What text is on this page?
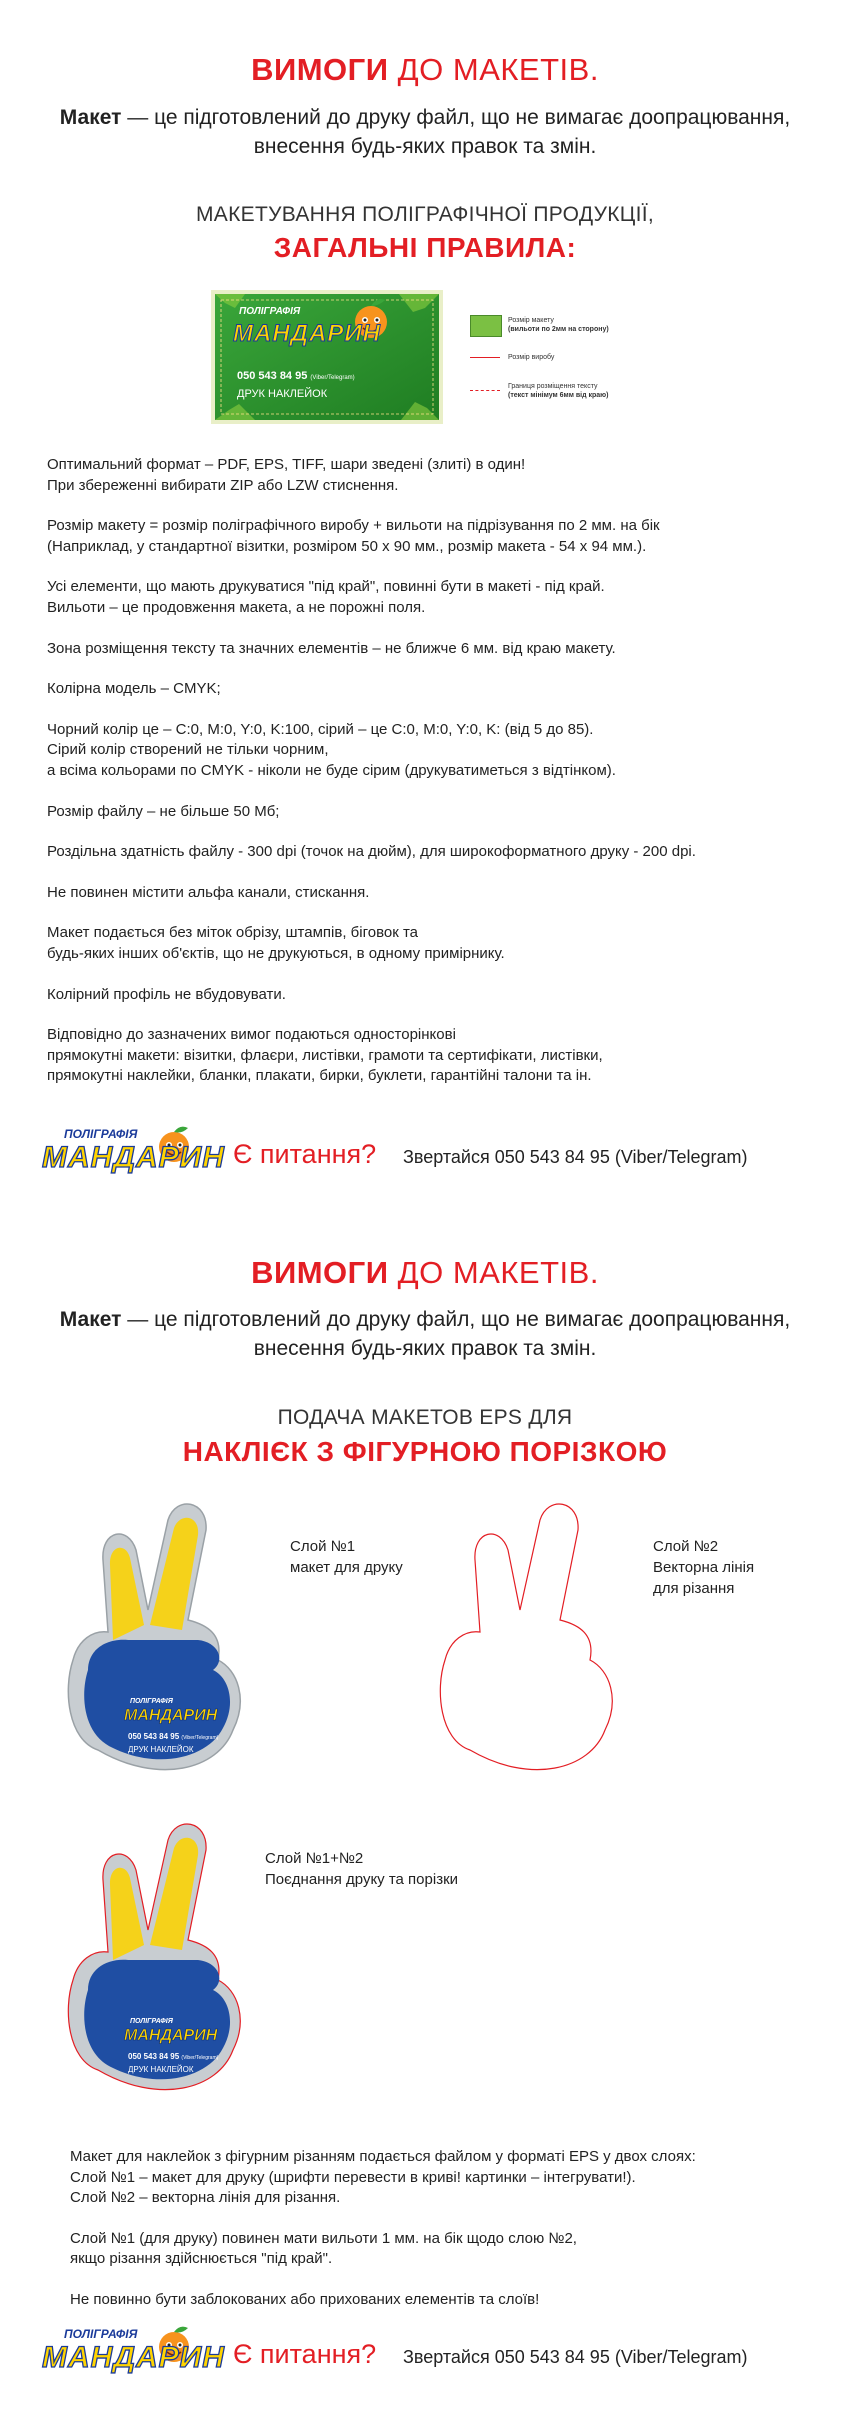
ВИМОГИ ДО МАКЕТІВ.
Макет — це підготовлений до друку файл, що не вимагає доопрацювання,
внесення будь-яких правок та змін.
МАКЕТУВАННЯ ПОЛІГРАФІЧНОЇ ПРОДУКЦІЇ,
ЗАГАЛЬНІ ПРАВИЛА:
ПОЛІГРАФІЯ
МАНДАРИН
050 543 84 95 (Viber/Telegram)
ДРУК НАКЛЕЙОК
Розмір макету
(вильоти по 2мм на сторону)
Розмір виробу
Границя розміщення тексту
(текст мінімум 6мм від краю)

Оптимальний формат – PDF, EPS, TIFF, шари зведені (злиті) в один!
При збереженні вибирати ZIP або LZW стиснення.

Розмір макету = розмір поліграфічного виробу + вильоти на підрізування по 2 мм. на бік
(Наприклад, у стандартної візитки, розміром 50 х 90 мм., розмір макета - 54 х 94 мм.).

Усі елементи, що мають друкуватися "під край", повинні бути в макеті - під край.
Вильоти – це продовження макета, а не порожні поля.

Зона розміщення тексту та значних елементів – не ближче 6 мм. від краю макету.

Колірна модель – CMYK;

Чорний колір це – C:0, M:0, Y:0, K:100, сірий – це C:0, M:0, Y:0, K: (від 5 до 85).
Сірий колір створений не тільки чорним,
а всіма кольорами по CMYK - ніколи не буде сірим (друкуватиметься з відтінком).

Розмір файлу – не більше 50 Мб;

Роздільна здатність файлу - 300 dpi (точок на дюйм), для широкоформатного друку - 200 dpi.

Не повинен містити альфа канали, стискання.

Макет подається без міток обрізу, штампів, біговок та
будь-яких інших об'єктів, що не друкуються, в одному примірнику.

Колірний профіль не вбудовувати.

Відповідно до зазначених вимог подаються односторінкові
прямокутні макети: візитки, флаєри, листівки, грамоти та сертифікати, листівки,
прямокутні наклейки, бланки, плакати, бирки, буклети, гарантійні талони та ін.

ПОЛІГРАФІЯ
МАНДАРИН Є питання? Звертайся 050 543 84 95 (Viber/Telegram)
ВИМОГИ ДО МАКЕТІВ.
Макет — це підготовлений до друку файл, що не вимагає доопрацювання,
внесення будь-яких правок та змін.
ПОДАЧА МАКЕТОВ EPS ДЛЯ
НАКЛІЄК З ФІГУРНОЮ ПОРІЗКОЮ
ПОЛІГРАФІЯ
МАНДАРИН
050 543 84 95 (Viber/Telegram)
ДРУК НАКЛЕЙОК
Слой №1
макет для друку
Слой №2
Векторна лінія
для різання
ПОЛІГРАФІЯ
МАНДАРИН
050 543 84 95 (Viber/Telegram)
ДРУК НАКЛЕЙОК
Слой №1+№2
Поєднання друку та порізки

Макет для наклейок з фігурним різанням подається файлом у форматі EPS у двох слоях:
Слой №1 – макет для друку (шрифти перевести в криві! картинки – інтегрувати!).
Слой №2 – векторна лінія для різання.

Слой №1 (для друку) повинен мати вильоти 1 мм. на бік щодо слою №2,
якщо різання здійснюється "під край".

Не повинно бути заблокованих або прихованих елементів та слоїв!

ПОЛІГРАФІЯ
МАНДАРИН Є питання? Звертайся 050 543 84 95 (Viber/Telegram)
